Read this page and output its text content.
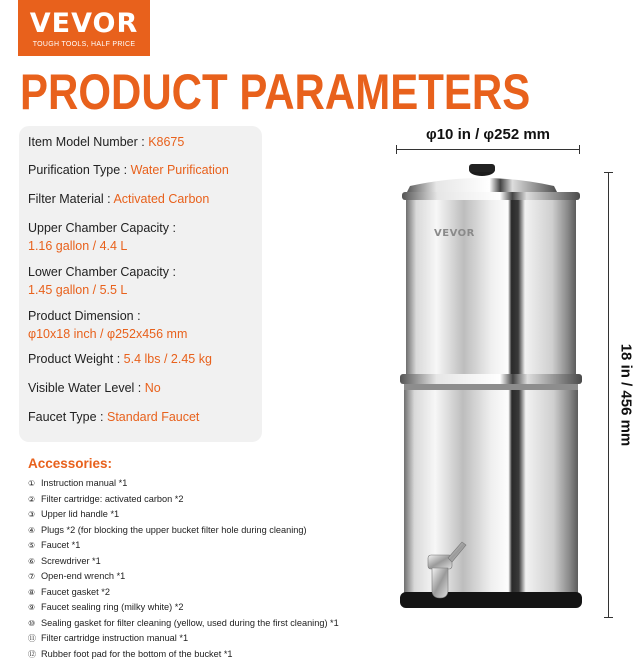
VEVOR
TOUGH TOOLS, HALF PRICE
PRODUCT PARAMETERS
Item Model Number : K8675
Purification Type : Water Purification
Filter Material : Activated Carbon
Upper Chamber Capacity :
1.16 gallon / 4.4 L
Lower Chamber Capacity :
1.45 gallon / 5.5 L
Product Dimension :
φ10x18 inch / φ252x456 mm
Product Weight : 5.4 lbs / 2.45 kg
Visible Water Level : No
Faucet Type : Standard Faucet
Accessories:
① Instruction manual *1
② Filter cartridge: activated carbon *2
③ Upper lid handle *1
④ Plugs *2 (for blocking the upper bucket filter hole during cleaning)
⑤ Faucet *1
⑥ Screwdriver *1
⑦ Open-end wrench *1
⑧ Faucet gasket *2
⑨ Faucet sealing ring (milky white) *2
⑩ Sealing gasket for filter cleaning (yellow, used during the first cleaning) *1
⑪ Filter cartridge instruction manual *1
⑫ Rubber foot pad for the bottom of the bucket *1
φ10 in / φ252 mm
18 in / 456 mm
VEVOR
